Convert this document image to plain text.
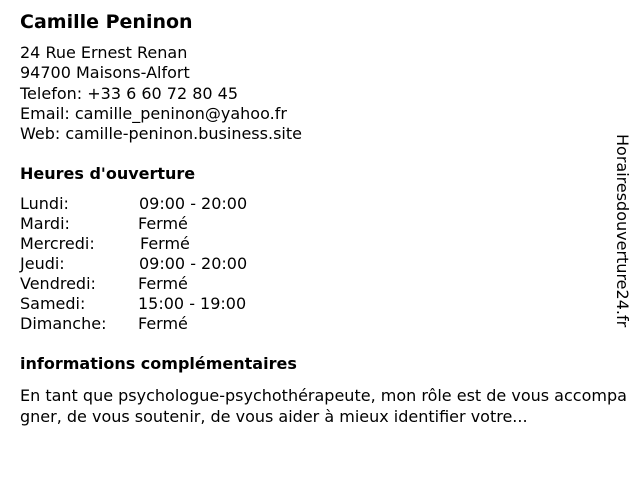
Camille Peninon
24 Rue Ernest Renan
94700 Maisons-Alfort
Telefon: +33 6 60 72 80 45
Email: camille_peninon@yahoo.fr
Web: camille-peninon.business.site
Heures d'ouverture
Lundi:	09:00 - 20:00
Mardi:	Fermé
Mercredi:	Fermé
Jeudi:	09:00 - 20:00
Vendredi:	Fermé
Samedi:	15:00 - 19:00
Dimanche: Fermé
informations complémentaires
En tant que psychologue-psychothérapeute, mon rôle est de vous accompagner, de vous soutenir, de vous aider à mieux identifier votre...
Horairesdouverture24.fr
